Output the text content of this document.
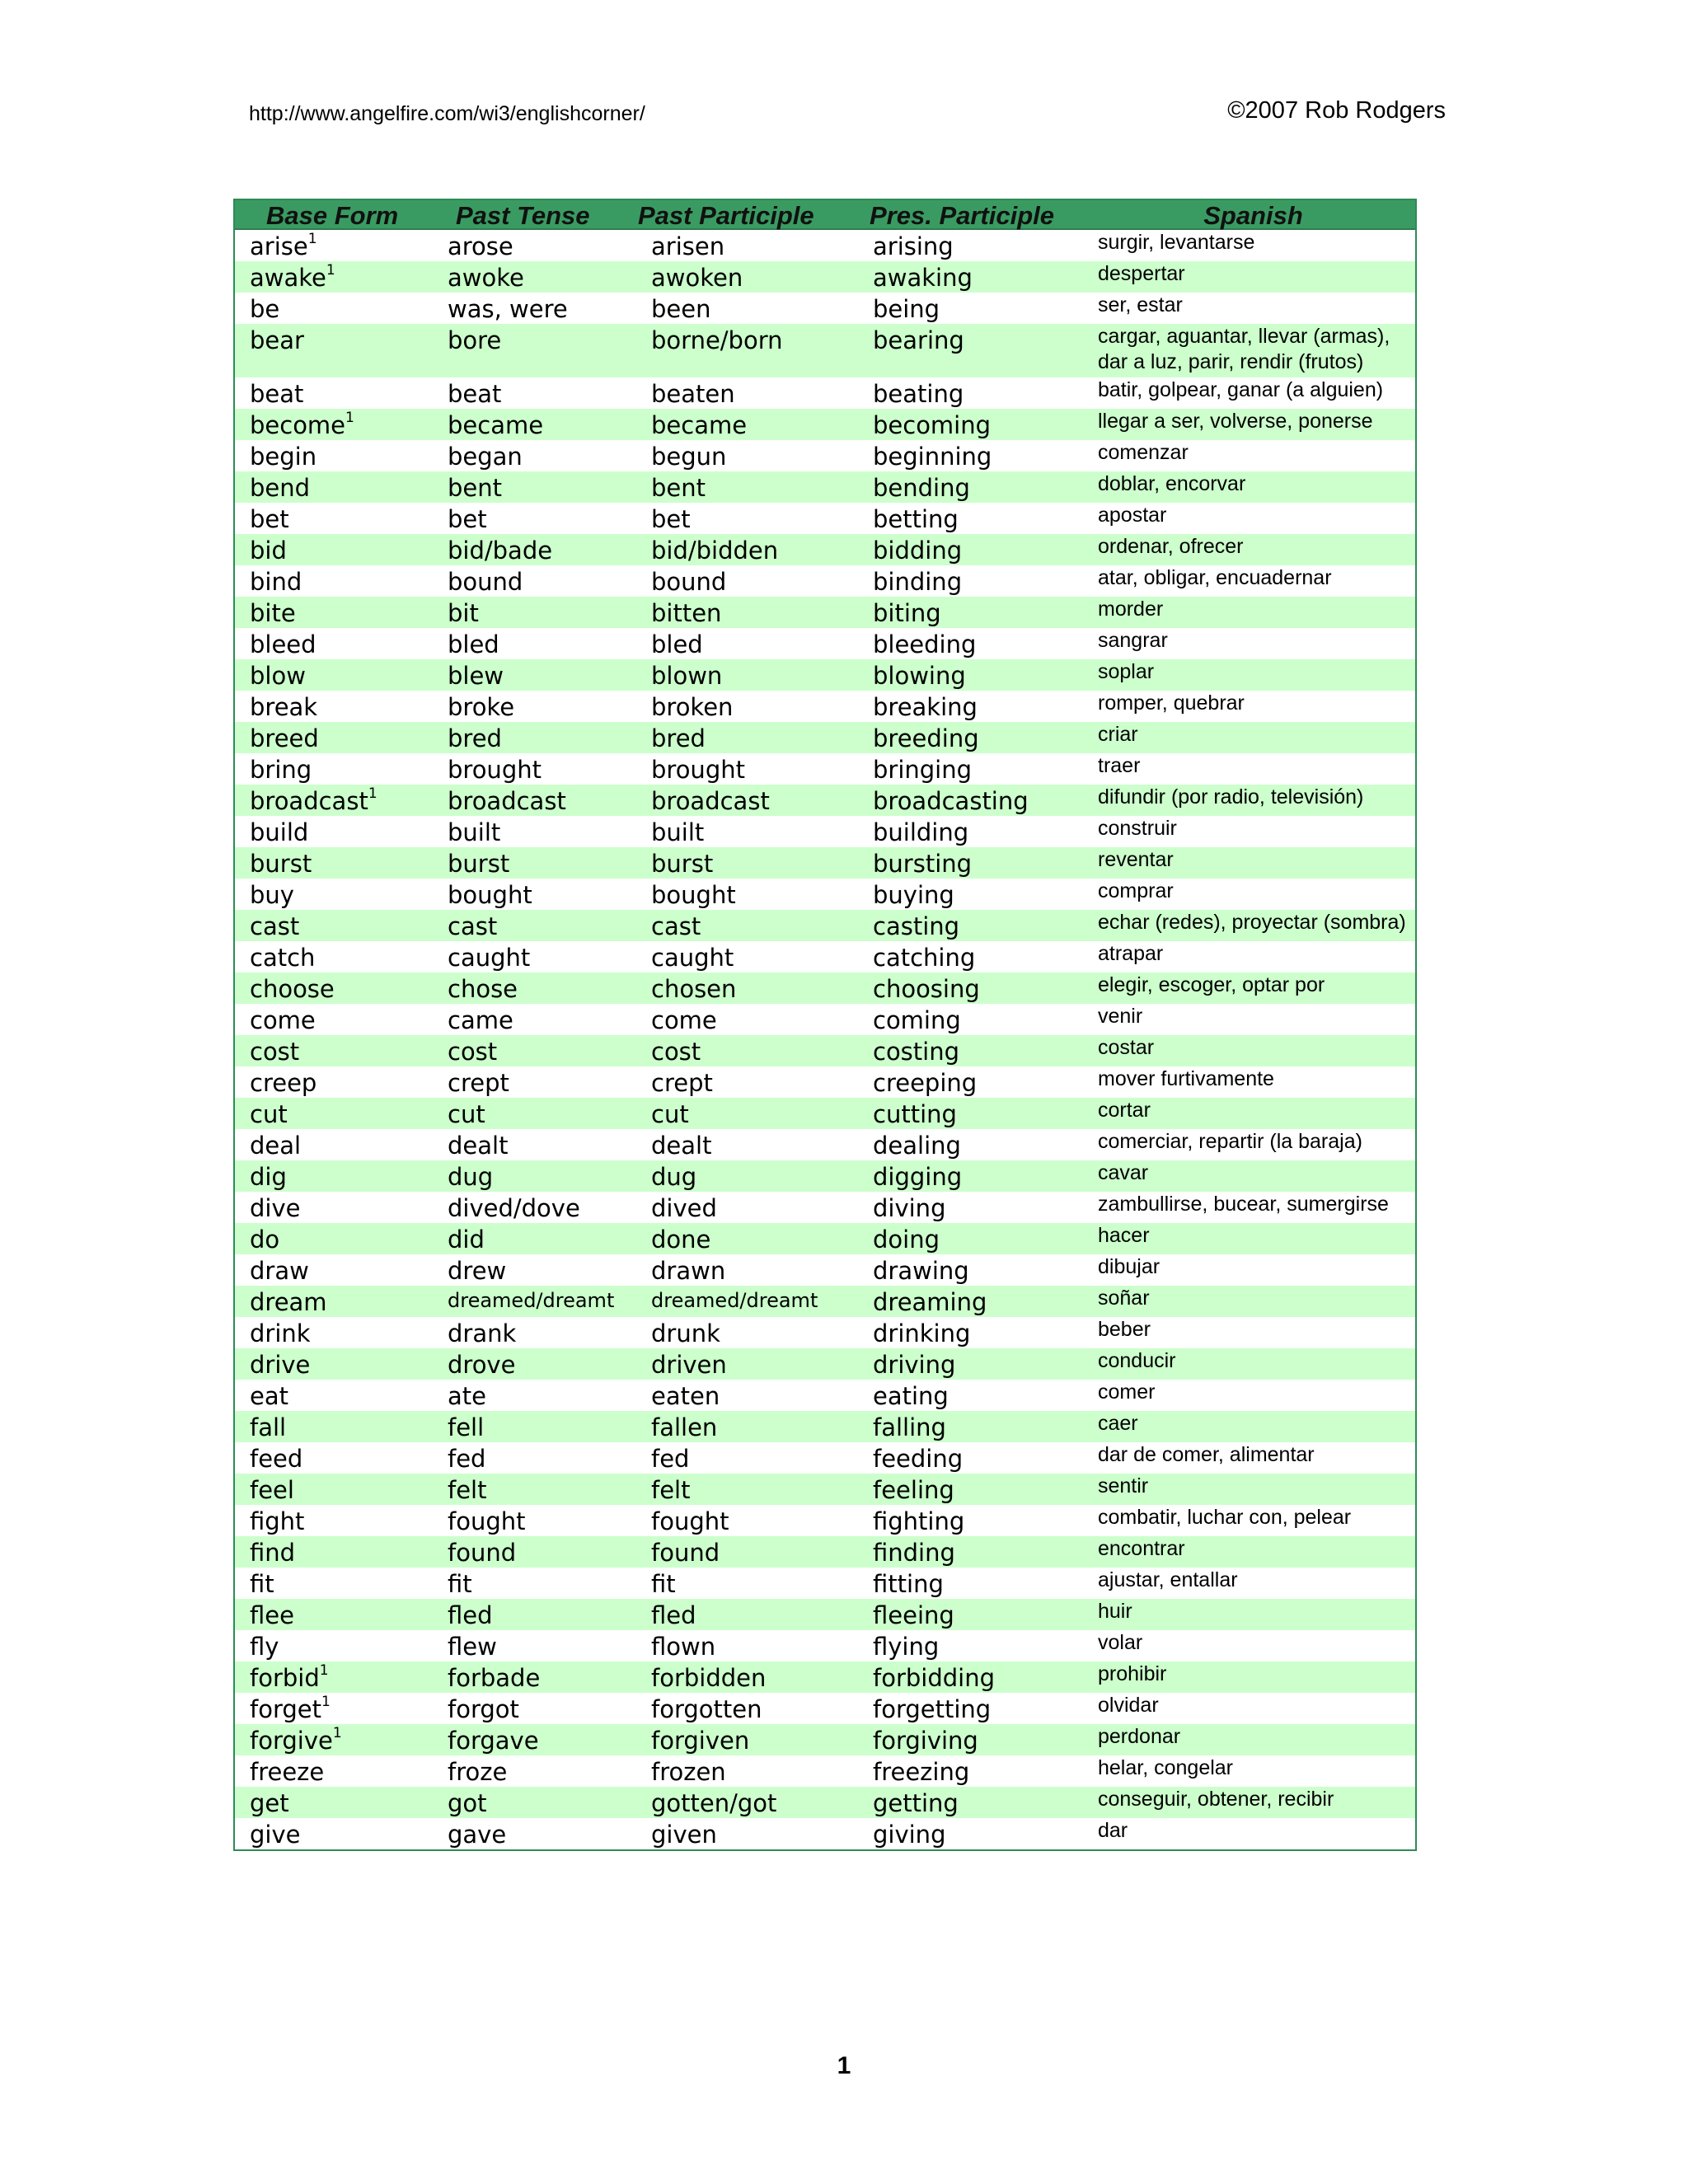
http://www.angelfire.com/wi3/englishcorner/	©2007 Rob Rodgers
Base Form	Past Tense	Past Participle	Pres. Participle	Spanish
arise$^1$	arose	arisen	arising	surgir, levantarse
awake$^1$	awoke	awoken	awaking	despertar
be	was, were	been	being	ser, estar
bear	bore	borne/born	bearing	cargar, aguantar, llevar (armas), dar a luz, parir, rendir (frutos)
beat	beat	beaten	beating	batir, golpear, ganar (a alguien)
become$^1$	became	became	becoming	llegar a ser, volverse, ponerse
begin	began	begun	beginning	comenzar
bend	bent	bent	bending	doblar, encorvar
bet	bet	bet	betting	apostar
bid	bid/bade	bid/bidden	bidding	ordenar, ofrecer
bind	bound	bound	binding	atar, obligar, encuadernar
bite	bit	bitten	biting	morder
bleed	bled	bled	bleeding	sangrar
blow	blew	blown	blowing	soplar
break	broke	broken	breaking	romper, quebrar
breed	bred	bred	breeding	criar
bring	brought	brought	bringing	traer
broadcast$^1$	broadcast	broadcast	broadcasting	difundir (por radio, televisión)
build	built	built	building	construir
burst	burst	burst	bursting	reventar
buy	bought	bought	buying	comprar
cast	cast	cast	casting	echar (redes), proyectar (sombra)
catch	caught	caught	catching	atrapar
choose	chose	chosen	choosing	elegir, escoger, optar por
come	came	come	coming	venir
cost	cost	cost	costing	costar
creep	crept	crept	creeping	mover furtivamente
cut	cut	cut	cutting	cortar
deal	dealt	dealt	dealing	comerciar, repartir (la baraja)
dig	dug	dug	digging	cavar
dive	dived/dove	dived	diving	zambullirse, bucear, sumergirse
do	did	done	doing	hacer
draw	drew	drawn	drawing	dibujar
dream	dreamed/dreamt	dreamed/dreamt	dreaming	soñar
drink	drank	drunk	drinking	beber
drive	drove	driven	driving	conducir
eat	ate	eaten	eating	comer
fall	fell	fallen	falling	caer
feed	fed	fed	feeding	dar de comer, alimentar
feel	felt	felt	feeling	sentir
fight	fought	fought	fighting	combatir, luchar con, pelear
find	found	found	finding	encontrar
fit	fit	fit	fitting	ajustar, entallar
flee	fled	fled	fleeing	huir
fly	flew	flown	flying	volar
forbid$^1$	forbade	forbidden	forbidding	prohibir
forget$^1$	forgot	forgotten	forgetting	olvidar
forgive$^1$	forgave	forgiven	forgiving	perdonar
freeze	froze	frozen	freezing	helar, congelar
get	got	gotten/got	getting	conseguir, obtener, recibir
give	gave	given	giving	dar
1
